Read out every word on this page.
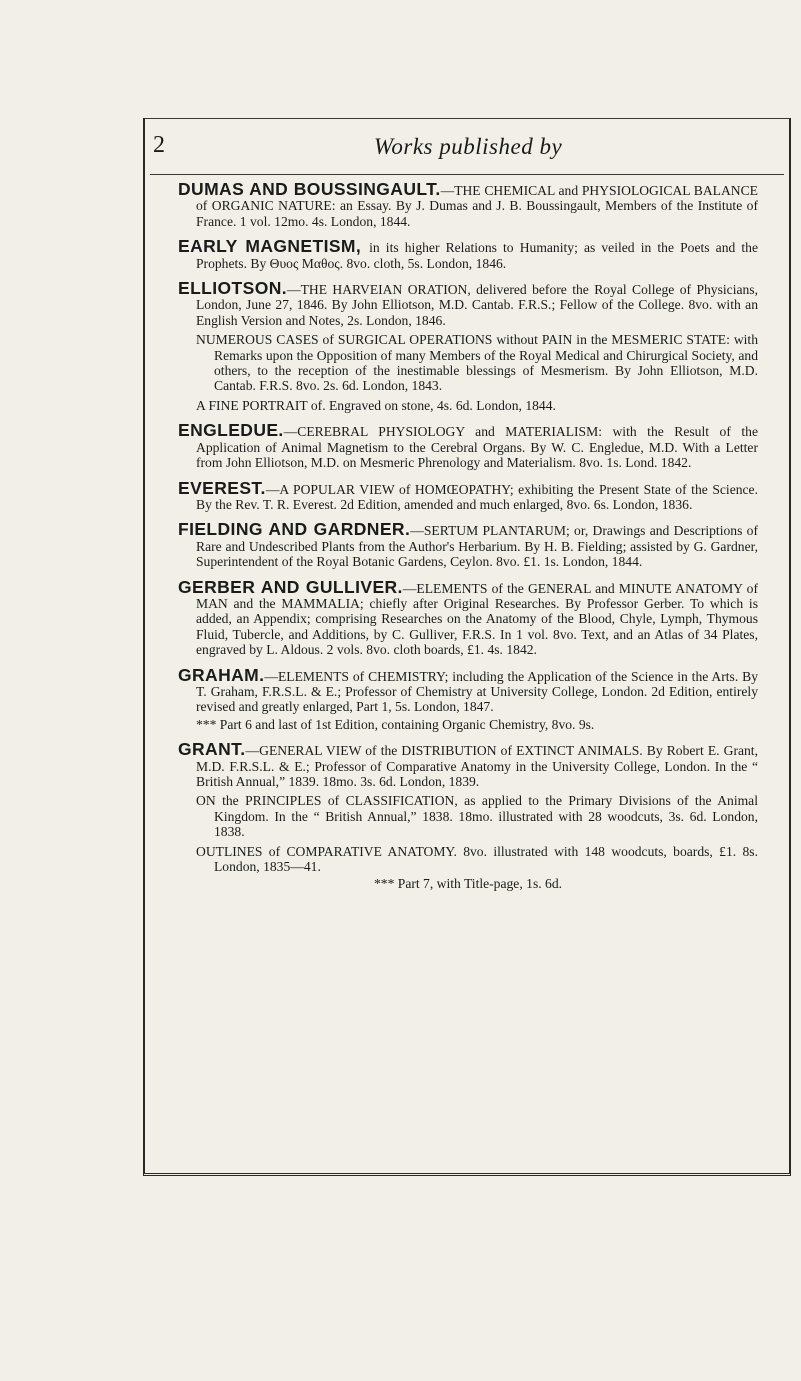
2	Works published by

DUMAS AND BOUSSINGAULT.—THE CHEMICAL and PHYSIOLOGICAL BALANCE of ORGANIC NATURE: an Essay. By J. Dumas and J. B. Boussingault, Members of the Institute of France. 1 vol. 12mo. 4s. London, 1844.

EARLY MAGNETISM, in its higher Relations to Humanity; as veiled in the Poets and the Prophets. By Θυος Μαθος. 8vo. cloth, 5s. London, 1846.

ELLIOTSON.—THE HARVEIAN ORATION, delivered before the Royal College of Physicians, London, June 27, 1846. By John Elliotson, M.D. Cantab. F.R.S.; Fellow of the College. 8vo. with an English Version and Notes, 2s. London, 1846.

NUMEROUS CASES of SURGICAL OPERATIONS without PAIN in the MESMERIC STATE: with Remarks upon the Opposition of many Members of the Royal Medical and Chirurgical Society, and others, to the reception of the inestimable blessings of Mesmerism. By John Elliotson, M.D. Cantab. F.R.S. 8vo. 2s. 6d. London, 1843.

A FINE PORTRAIT of. Engraved on stone, 4s. 6d. London, 1844.

ENGLEDUE.—CEREBRAL PHYSIOLOGY and MATERIALISM: with the Result of the Application of Animal Magnetism to the Cerebral Organs. By W. C. Engledue, M.D. With a Letter from John Elliotson, M.D. on Mesmeric Phrenology and Materialism. 8vo. 1s. Lond. 1842.

EVEREST.—A POPULAR VIEW of HOMŒOPATHY; exhibiting the Present State of the Science. By the Rev. T. R. Everest. 2d Edition, amended and much enlarged, 8vo. 6s. London, 1836.

FIELDING AND GARDNER.—SERTUM PLANTARUM; or, Drawings and Descriptions of Rare and Undescribed Plants from the Author's Herbarium. By H. B. Fielding; assisted by G. Gardner, Superintendent of the Royal Botanic Gardens, Ceylon. 8vo. £1. 1s. London, 1844.

GERBER AND GULLIVER.—ELEMENTS of the GENERAL and MINUTE ANATOMY of MAN and the MAMMALIA; chiefly after Original Researches. By Professor Gerber. To which is added, an Appendix; comprising Researches on the Anatomy of the Blood, Chyle, Lymph, Thymous Fluid, Tubercle, and Additions, by C. Gulliver, F.R.S. In 1 vol. 8vo. Text, and an Atlas of 34 Plates, engraved by L. Aldous. 2 vols. 8vo. cloth boards, £1. 4s. 1842.

GRAHAM.—ELEMENTS of CHEMISTRY; including the Application of the Science in the Arts. By T. Graham, F.R.S.L. & E.; Professor of Chemistry at University College, London. 2d Edition, entirely revised and greatly enlarged, Part 1, 5s. London, 1847.

*** Part 6 and last of 1st Edition, containing Organic Chemistry, 8vo. 9s.

GRANT.—GENERAL VIEW of the DISTRIBUTION of EXTINCT ANIMALS. By Robert E. Grant, M.D. F.R.S.L. & E.; Professor of Comparative Anatomy in the University College, London. In the “ British Annual,” 1839. 18mo. 3s. 6d. London, 1839.

ON the PRINCIPLES of CLASSIFICATION, as applied to the Primary Divisions of the Animal Kingdom. In the “ British Annual,” 1838. 18mo. illustrated with 28 woodcuts, 3s. 6d. London, 1838.

OUTLINES of COMPARATIVE ANATOMY. 8vo. illustrated with 148 woodcuts, boards, £1. 8s. London, 1835—41.

*** Part 7, with Title-page, 1s. 6d.
